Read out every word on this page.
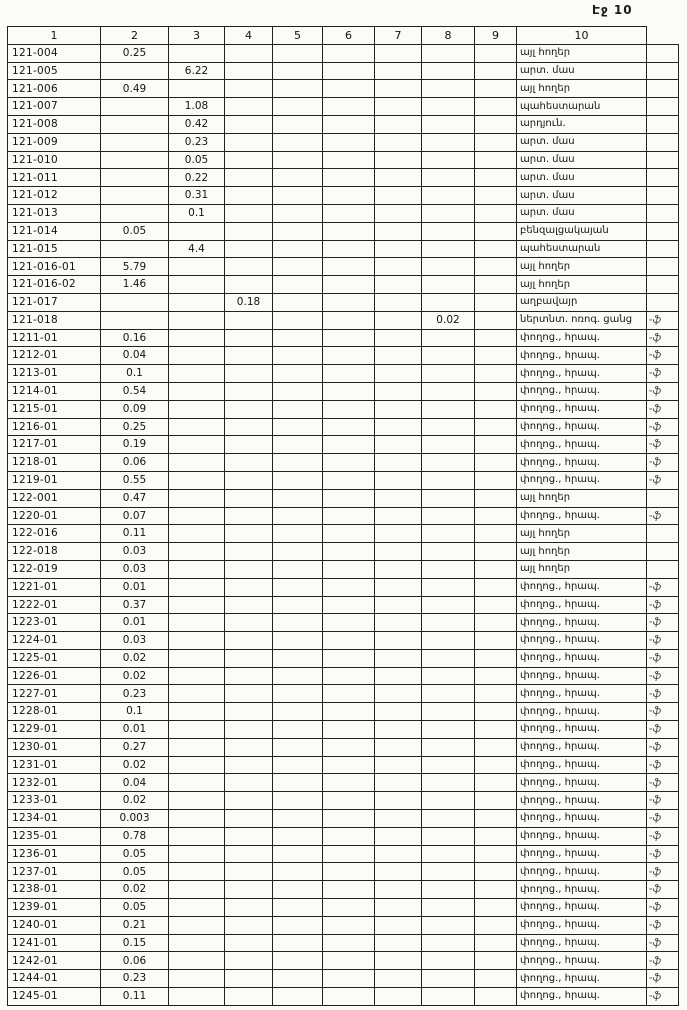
Էջ 10
1	2	3	4	5	6	7	8	9	10	
121-004	0.25								այլ հողեր	
121-005		6.22							արտ. մաս	
121-006	0.49								այլ հողեր	
121-007		1.08							պահեստարան	
121-008		0.42							արդյուն.	
121-009		0.23							արտ. մաս	
121-010		0.05							արտ. մաս	
121-011		0.22							արտ. մաս	
121-012		0.31							արտ. մաս	
121-013		0.1							արտ. մաս	
121-014	0.05								բենզալցակայան	
121-015		4.4							պահեստարան	
121-016-01	5.79								այլ հողեր	
121-016-02	1.46								այլ հողեր	
121-017			0.18						աղբավայր	
121-018							0.02		ներտնտ. ոռոգ. ցանց	֊ֆ
1211-01	0.16								փողոց., հրապ.	֊ֆ
1212-01	0.04								փողոց., հրապ.	֊ֆ
1213-01	0.1								փողոց., հրապ.	֊ֆ
1214-01	0.54								փողոց., հրապ.	֊ֆ
1215-01	0.09								փողոց., հրապ.	֊ֆ
1216-01	0.25								փողոց., հրապ.	֊ֆ
1217-01	0.19								փողոց., հրապ.	֊ֆ
1218-01	0.06								փողոց., հրապ.	֊ֆ
1219-01	0.55								փողոց., հրապ.	֊ֆ
122-001	0.47								այլ հողեր	
1220-01	0.07								փողոց., հրապ.	֊ֆ
122-016	0.11								այլ հողեր	
122-018	0.03								այլ հողեր	
122-019	0.03								այլ հողեր	
1221-01	0.01								փողոց., հրապ.	֊ֆ
1222-01	0.37								փողոց., հրապ.	֊ֆ
1223-01	0.01								փողոց., հրապ.	֊ֆ
1224-01	0.03								փողոց., հրապ.	֊ֆ
1225-01	0.02								փողոց., հրապ.	֊ֆ
1226-01	0.02								փողոց., հրապ.	֊ֆ
1227-01	0.23								փողոց., հրապ.	֊ֆ
1228-01	0.1								փողոց., հրապ.	֊ֆ
1229-01	0.01								փողոց., հրապ.	֊ֆ
1230-01	0.27								փողոց., հրապ.	֊ֆ
1231-01	0.02								փողոց., հրապ.	֊ֆ
1232-01	0.04								փողոց., հրապ.	֊ֆ
1233-01	0.02								փողոց., հրապ.	֊ֆ
1234-01	0.003								փողոց., հրապ.	֊ֆ
1235-01	0.78								փողոց., հրապ.	֊ֆ
1236-01	0.05								փողոց., հրապ.	֊ֆ
1237-01	0.05								փողոց., հրապ.	֊ֆ
1238-01	0.02								փողոց., հրապ.	֊ֆ
1239-01	0.05								փողոց., հրապ.	֊ֆ
1240-01	0.21								փողոց., հրապ.	֊ֆ
1241-01	0.15								փողոց., հրապ.	֊ֆ
1242-01	0.06								փողոց., հրապ.	֊ֆ
1244-01	0.23								փողոց., հրապ.	֊ֆ
1245-01	0.11								փողոց., հրապ.	֊ֆ
